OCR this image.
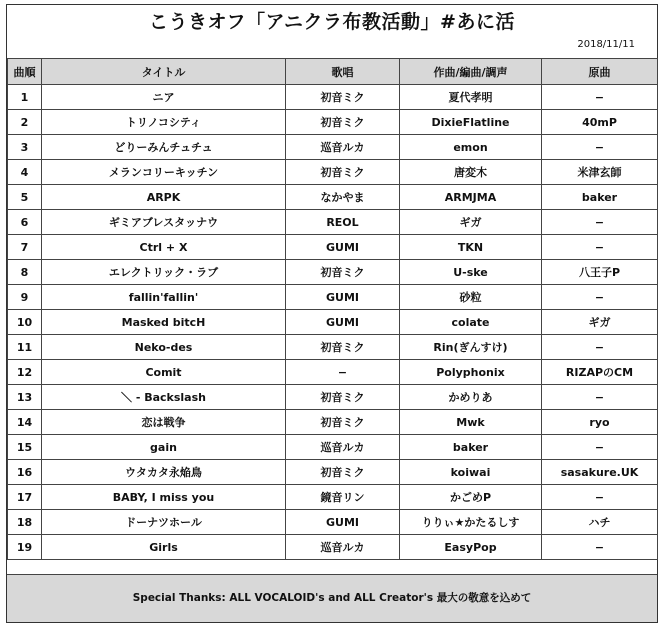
こうきオフ「アニクラ布教活動」#あに活
2018/11/11
曲順	タイトル	歌唱	作曲/編曲/調声	原曲
1	ニア	初音ミク	夏代孝明	−
2	トリノコシティ	初音ミク	DixieFlatline	40mP
3	どりーみんチュチュ	巡音ルカ	emon	−
4	メランコリーキッチン	初音ミク	唐変木	米津玄師
5	ARPK	なかやま	ARMJMA	baker
6	ギミアブレスタッナウ	REOL	ギガ	−
7	Ctrl + X	GUMI	TKN	−
8	エレクトリック・ラブ	初音ミク	U-ske	八王子P
9	fallin'fallin'	GUMI	砂粒	−
10	Masked bitcH	GUMI	colate	ギガ
11	Neko-des	初音ミク	Rin(ぎんすけ)	−
12	Comit	−	Polyphonix	RIZAPのCM
13	＼ - Backslash	初音ミク	かめりあ	−
14	恋は戦争	初音ミク	Mwk	ryo
15	gain	巡音ルカ	baker	−
16	ウタカタ永焔鳥	初音ミク	koiwai	sasakure.UK
17	BABY, I miss you	鏡音リン	かごめP	−
18	ドーナツホール	GUMI	りりぃ★かたるしす	ハチ
19	Girls	巡音ルカ	EasyPop	−
Special Thanks: ALL VOCALOID's and ALL Creator's 最大の敬意を込めて
